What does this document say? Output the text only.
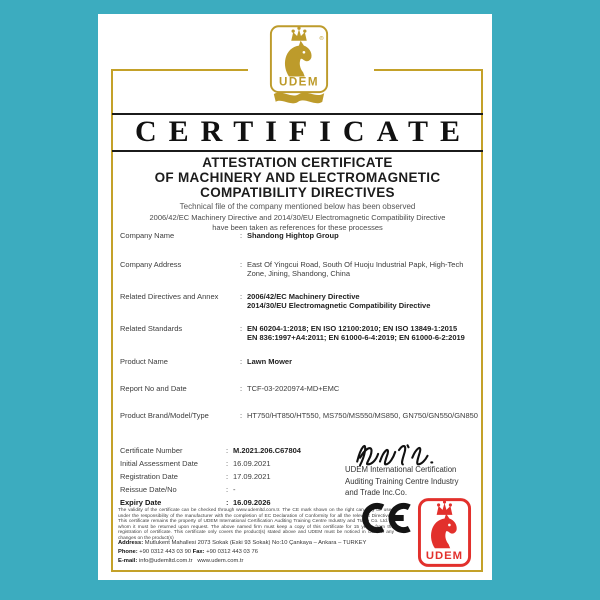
®
UDEM
CERTIFICATE
ATTESTATION CERTIFICATE
OF MACHINERY AND ELECTROMAGNETIC
COMPATIBILITY DIRECTIVES
Technical file of the company mentioned below has been observed
2006/42/EC Machinery Directive and 2014/30/EU Electromagnetic Compatibility Directive
have been taken as references for these processes
Company Name	: Shandong Hightop Group
Company Address	: East Of Yingcui Road, South Of Huoju Industrial Papk, High-Tech
Zone, Jining, Shandong, China
Related Directives and Annex	: 2006/42/EC Machinery Directive
2014/30/EU Electromagnetic Compatibility Directive
Related Standards	: EN 60204-1:2018; EN ISO 12100:2010; EN ISO 13849-1:2015
EN 836:1997+A4:2011; EN 61000-6-4:2019; EN 61000-6-2:2019
Product Name	: Lawn Mower
Report No and Date	: TCF-03-2020974-MD+EMC
Product Brand/Model/Type	: HT750/HT850/HT550, MS750/MS550/MS850, GN750/GN550/GN850
Certificate Number	: M.2021.206.C67804
Initial Assessment Date	: 16.09.2021
Registration Date	: 17.09.2021
Reissue Date/No	: -
Expiry Date	: 16.09.2026
The validity of the certificate can be checked through www.udemltd.com.tr. The CE mark shown on the right can only be used under the responsibility of the manufacturer with the completion of EC Declaration of Conformity for all the relevant Directives. This certificate remains the property of UDEM International Certification Auditing Training Centre Industry and Trade Co. Ltd. to whom it must be returned upon request. The above named firm must keep a copy of this certificate for 15 years from the registration of certificate. This certificate only covers the product(s) stated above and UDEM must be noticed in case of any changes on the product(s)
Address: Mutlukent Mahallesi 2073 Sokak (Eski 93 Sokak) No:10 Çankaya – Ankara – TURKEY
Phone: +90 0312 443 03 90 Fax: +90 0312 443 03 76
E-mail: info@udemltd.com.tr www.udem.com.tr
UDEM International Certification
Auditing Training Centre Industry
and Trade Inc.Co.
UDEM
